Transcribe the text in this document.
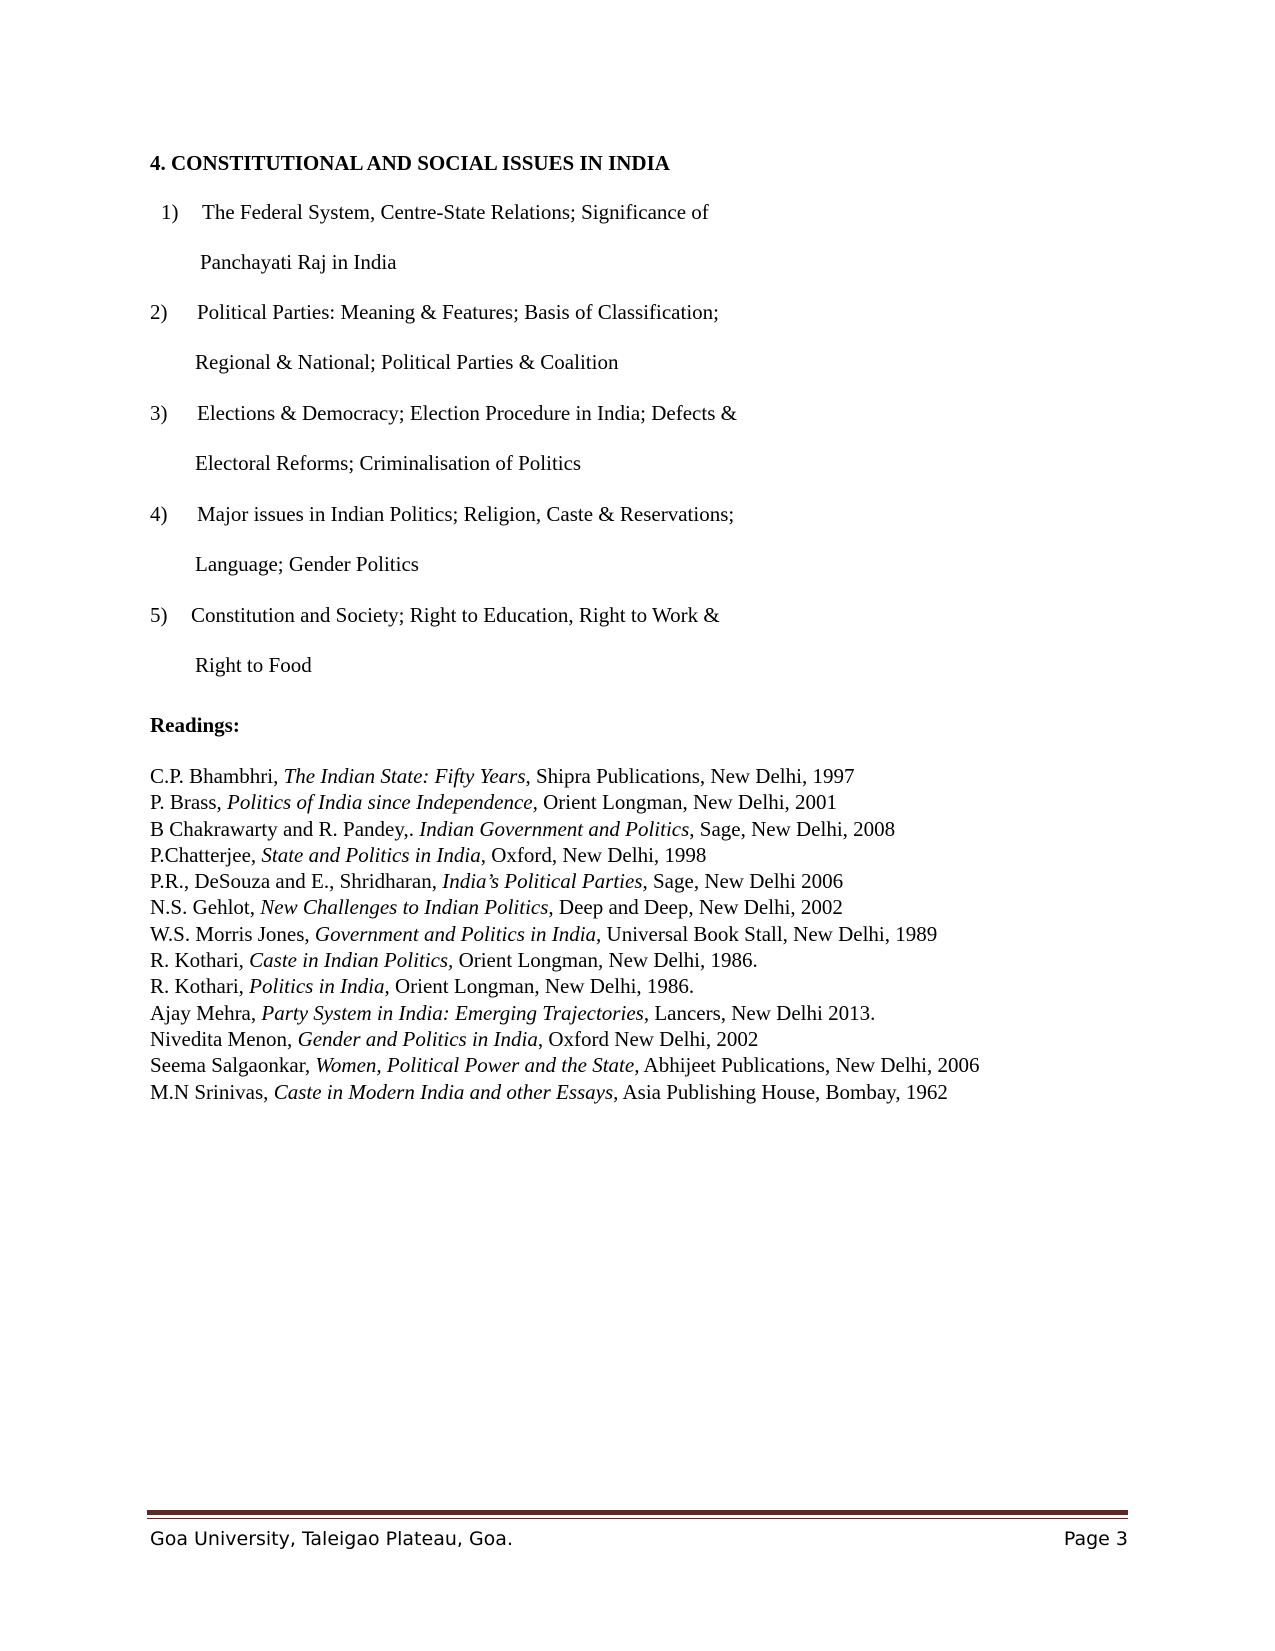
4. CONSTITUTIONAL AND SOCIAL ISSUES IN INDIA
1) The Federal System, Centre-State Relations; Significance of
Panchayati Raj in India
2) Political Parties: Meaning & Features; Basis of Classification;
Regional & National; Political Parties & Coalition
3) Elections & Democracy; Election Procedure in India; Defects &
Electoral Reforms; Criminalisation of Politics
4) Major issues in Indian Politics; Religion, Caste & Reservations;
Language; Gender Politics
5) Constitution and Society; Right to Education, Right to Work &
Right to Food
Readings:
C.P. Bhambhri, The Indian State: Fifty Years, Shipra Publications, New Delhi, 1997
P. Brass, Politics of India since Independence, Orient Longman, New Delhi, 2001
B Chakrawarty and R. Pandey,. Indian Government and Politics, Sage, New Delhi, 2008
P.Chatterjee, State and Politics in India, Oxford, New Delhi, 1998
P.R., DeSouza and E., Shridharan, India’s Political Parties, Sage, New Delhi 2006
N.S. Gehlot, New Challenges to Indian Politics, Deep and Deep, New Delhi, 2002
W.S. Morris Jones, Government and Politics in India, Universal Book Stall, New Delhi, 1989
R. Kothari, Caste in Indian Politics, Orient Longman, New Delhi, 1986.
R. Kothari, Politics in India, Orient Longman, New Delhi, 1986.
Ajay Mehra, Party System in India: Emerging Trajectories, Lancers, New Delhi 2013.
Nivedita Menon, Gender and Politics in India, Oxford New Delhi, 2002
Seema Salgaonkar, Women, Political Power and the State, Abhijeet Publications, New Delhi, 2006
M.N Srinivas, Caste in Modern India and other Essays, Asia Publishing House, Bombay, 1962
Goa University, Taleigao Plateau, Goa.	Page 3
